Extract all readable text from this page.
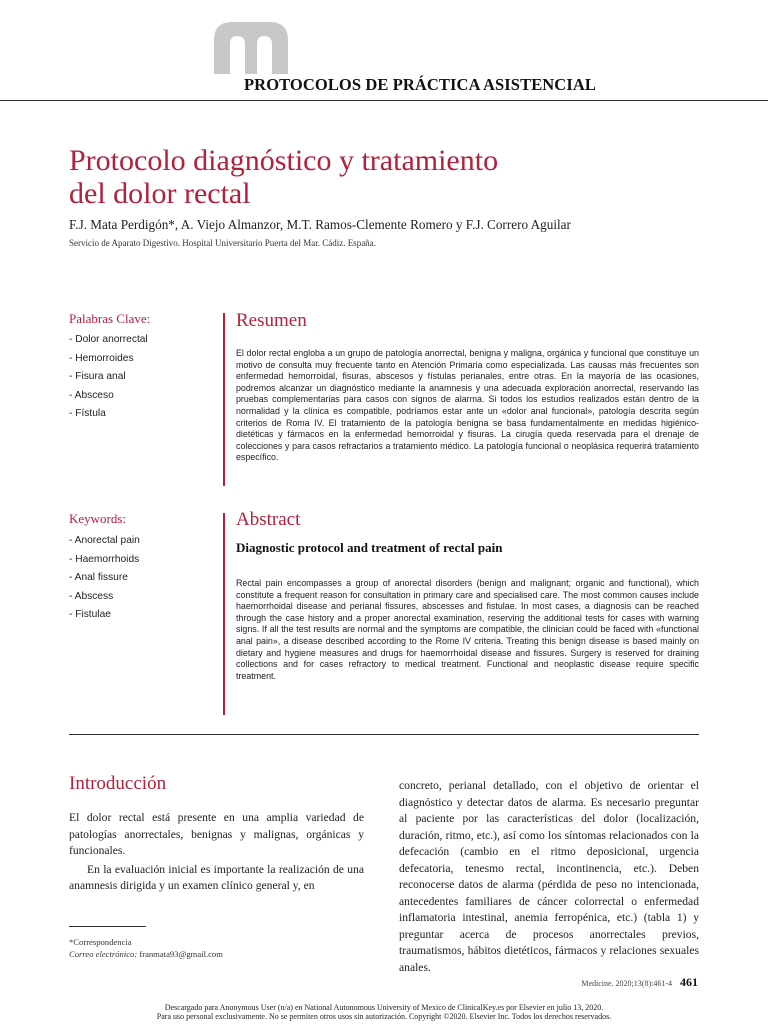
PROTOCOLOS DE PRÁCTICA ASISTENCIAL
Protocolo diagnóstico y tratamiento
del dolor rectal
F.J. Mata Perdigón*, A. Viejo Almanzor, M.T. Ramos-Clemente Romero y F.J. Correro Aguilar
Servicio de Aparato Digestivo. Hospital Universitario Puerta del Mar. Cádiz. España.
Palabras Clave:
- Dolor anorrectal
- Hemorroides
- Fisura anal
- Absceso
- Fístula
Resumen

El dolor rectal engloba a un grupo de patología anorrectal, benigna y maligna, orgánica y funcional que constituye un motivo de consulta muy frecuente tanto en Atención Primaria como especializada. Las causas más frecuentes son enfermedad hemorroidal, fisuras, abscesos y fístulas perianales, entre otras. En la mayoría de las ocasiones, podremos alcanzar un diagnóstico mediante la anamnesis y una adecuada exploración anorrectal, reservando las pruebas complementarias para casos con signos de alarma. Si todos los estudios realizados están dentro de la normalidad y la clínica es compatible, podríamos estar ante un «dolor anal funcional», patología descrita según criterios de Roma IV. El tratamiento de la patología benigna se basa fundamentalmente en medidas higiénico-dietéticas y fármacos en la enfermedad hemorroidal y fisuras. La cirugía queda reservada para el drenaje de colecciones y para casos refractarios a tratamiento médico. La patología funcional o neoplásica requerirá tratamiento específico.

Keywords:
- Anorectal pain
- Haemorrhoids
- Anal fissure
- Abscess
- Fistulae
Abstract
Diagnostic protocol and treatment of rectal pain

Rectal pain encompasses a group of anorectal disorders (benign and malignant; organic and functional), which constitute a frequent reason for consultation in primary care and specialised care. The most common causes include haemorrhoidal disease and perianal fissures, abscesses and fistulae. In most cases, a diagnosis can be reached through the case history and a proper anorectal examination, reserving the additional tests for cases with warning signs. If all the test results are normal and the symptoms are compatible, the clinician could be faced with «functional anal pain», a disease described according to the Rome IV criteria. Treating this benign disease is based mainly on dietary and hygiene measures and drugs for haemorrhoidal disease and fissures. Surgery is reserved for draining collections and for cases refractory to medical treatment. Functional and neoplastic disease require specific treatment.

Introducción

El dolor rectal está presente en una amplia variedad de patologías anorrectales, benignas y malignas, orgánicas y funcionales.

En la evaluación inicial es importante la realización de una anamnesis dirigida y un examen clínico general y, en

concreto, perianal detallado, con el objetivo de orientar el diagnóstico y detectar datos de alarma. Es necesario preguntar al paciente por las características del dolor (localización, duración, ritmo, etc.), así como los síntomas relacionados con la defecación (cambio en el ritmo deposicional, urgencia defecatoria, tenesmo rectal, incontinencia, etc.). Deben reconocerse datos de alarma (pérdida de peso no intencionada, antecedentes familiares de cáncer colorrectal o enfermedad inflamatoria intestinal, anemia ferropénica, etc.) (tabla 1) y preguntar acerca de procesos anorrectales previos, traumatismos, hábitos dietéticos, fármacos y relaciones sexuales anales.

*Correspondencia
Correo electrónico: franmata93@gmail.com
Medicine. 2020;13(8):461-4 461
Descargado para Anonymous User (n/a) en National Autonomous University of Mexico de ClinicalKey.es por Elsevier en julio 13, 2020.
Para uso personal exclusivamente. No se permiten otros usos sin autorización. Copyright ©2020. Elsevier Inc. Todos los derechos reservados.
